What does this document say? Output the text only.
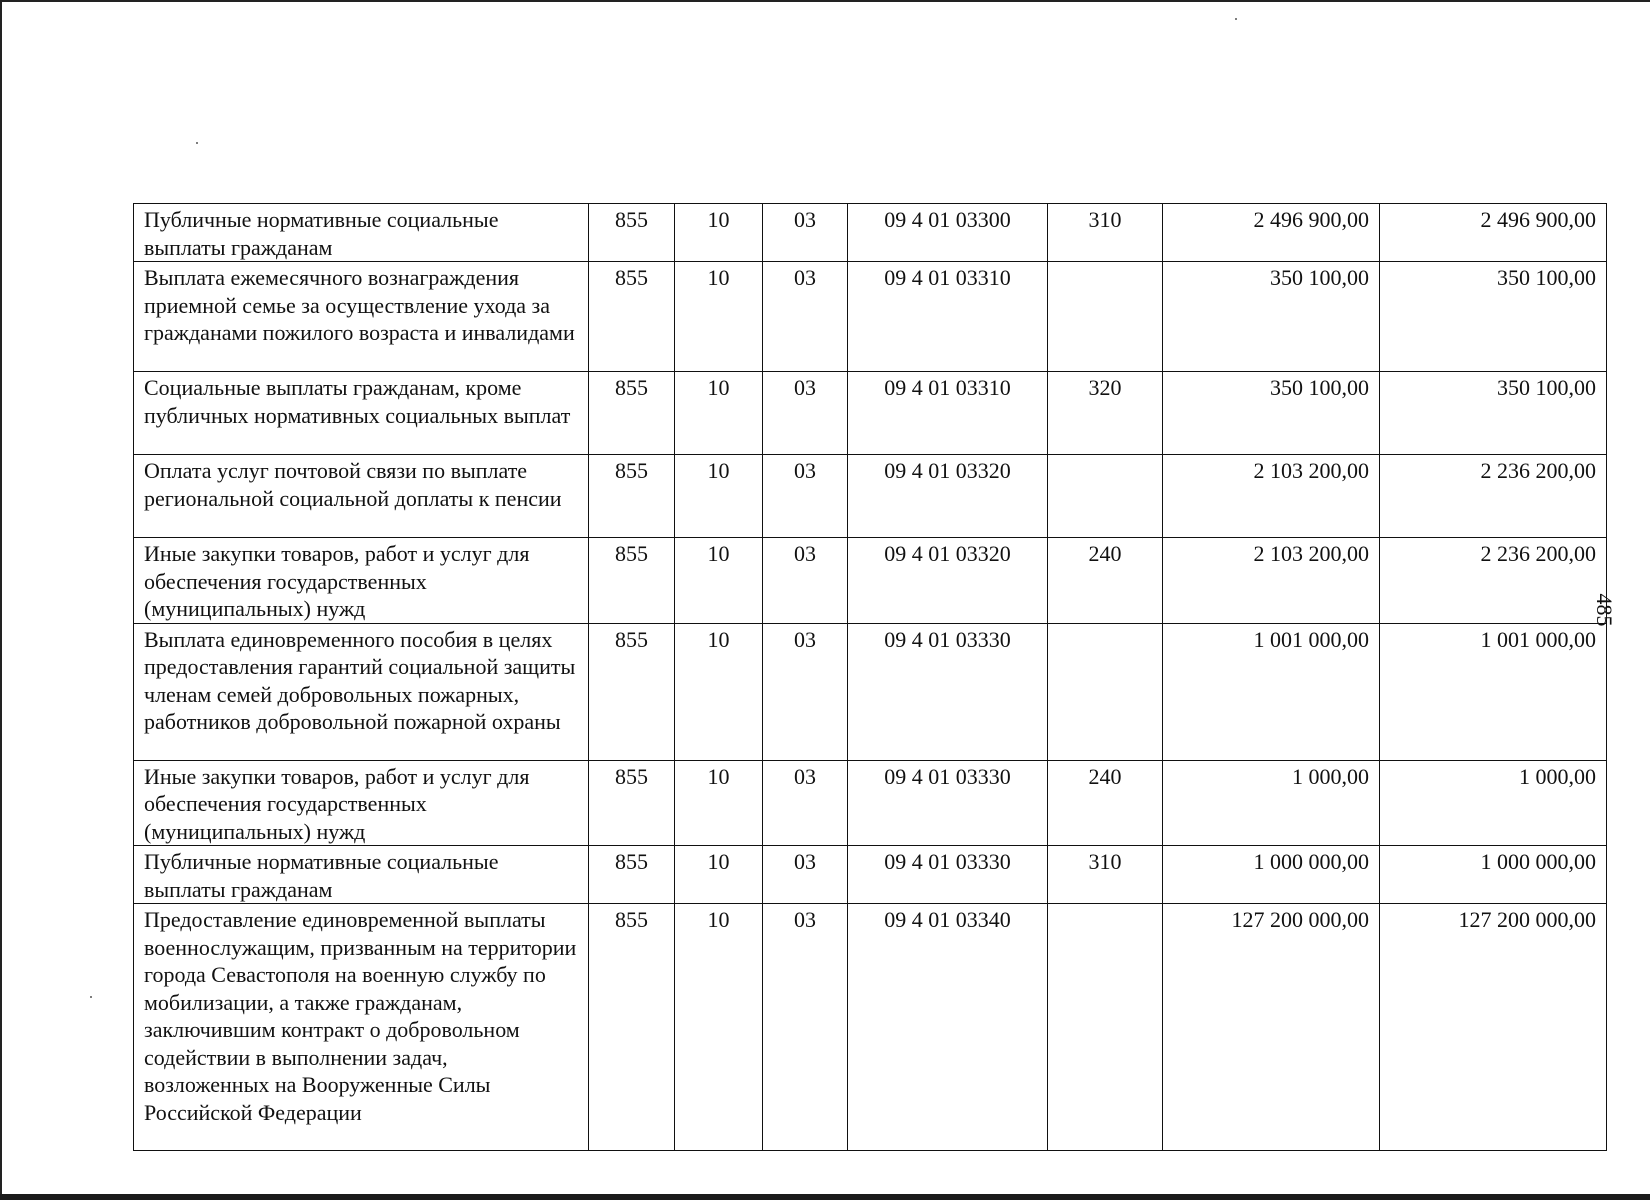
485
Публичные нормативные социальные выплаты гражданам	855	10	03	09 4 01 03300	310	2 496 900,00	2 496 900,00
Выплата ежемесячного вознаграждения приемной семье за осуществление ухода за гражданами пожилого возраста и инвалидами	855	10	03	09 4 01 03310		350 100,00	350 100,00
Социальные выплаты гражданам, кроме публичных нормативных социальных выплат	855	10	03	09 4 01 03310	320	350 100,00	350 100,00
Оплата услуг почтовой связи по выплате региональной социальной доплаты к пенсии	855	10	03	09 4 01 03320		2 103 200,00	2 236 200,00
Иные закупки товаров, работ и услуг для обеспечения государственных (муниципальных) нужд	855	10	03	09 4 01 03320	240	2 103 200,00	2 236 200,00
Выплата единовременного пособия в целях предоставления гарантий социальной защиты членам семей добровольных пожарных, работников добровольной пожарной охраны	855	10	03	09 4 01 03330		1 001 000,00	1 001 000,00
Иные закупки товаров, работ и услуг для обеспечения государственных (муниципальных) нужд	855	10	03	09 4 01 03330	240	1 000,00	1 000,00
Публичные нормативные социальные выплаты гражданам	855	10	03	09 4 01 03330	310	1 000 000,00	1 000 000,00
Предоставление единовременной выплаты военнослужащим, призванным на территории города Севастополя на военную службу по мобилизации, а также гражданам, заключившим контракт о добровольном содействии в выполнении задач, возложенных на Вооруженные Силы Российской Федерации	855	10	03	09 4 01 03340		127 200 000,00	127 200 000,00
